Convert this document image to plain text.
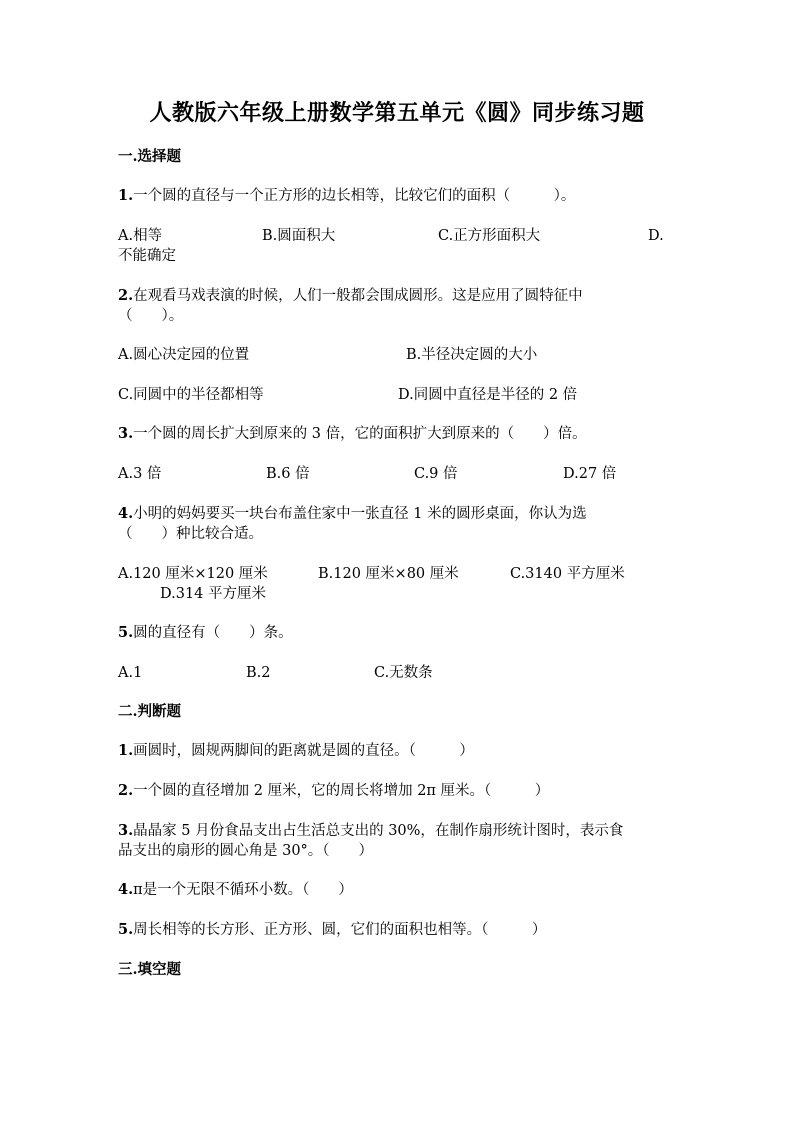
人教版六年级上册数学第五单元《圆》同步练习题
一.选择题
1.一个圆的直径与一个正方形的边长相等，比较它们的面积（　　　）。
A.相等	B.圆面积大	C.正方形面积大	D.
不能确定
2.在观看马戏表演的时候，人们一般都会围成圆形。这是应用了圆特征中
（　　）。
A.圆心决定园的位置	B.半径决定圆的大小
C.同圆中的半径都相等	D.同圆中直径是半径的 2 倍
3.一个圆的周长扩大到原来的 3 倍，它的面积扩大到原来的（　　）倍。
A.3 倍	B.6 倍	C.9 倍	D.27 倍
4.小明的妈妈要买一块台布盖住家中一张直径 1 米的圆形桌面，你认为选
（　　）种比较合适。
A.120 厘米×120 厘米	B.120 厘米×80 厘米	C.3140 平方厘米
D.314 平方厘米
5.圆的直径有（　　）条。
A.1	B.2	C.无数条
二.判断题
1.画圆时，圆规两脚间的距离就是圆的直径。（　　　）
2.一个圆的直径增加 2 厘米，它的周长将增加 2π 厘米。（　　　）
3.晶晶家 5 月份食品支出占生活总支出的 30%，在制作扇形统计图时，表示食
品支出的扇形的圆心角是 30°。（　　）
4.π是一个无限不循环小数。（　　）
5.周长相等的长方形、正方形、圆，它们的面积也相等。（　　　）
三.填空题
